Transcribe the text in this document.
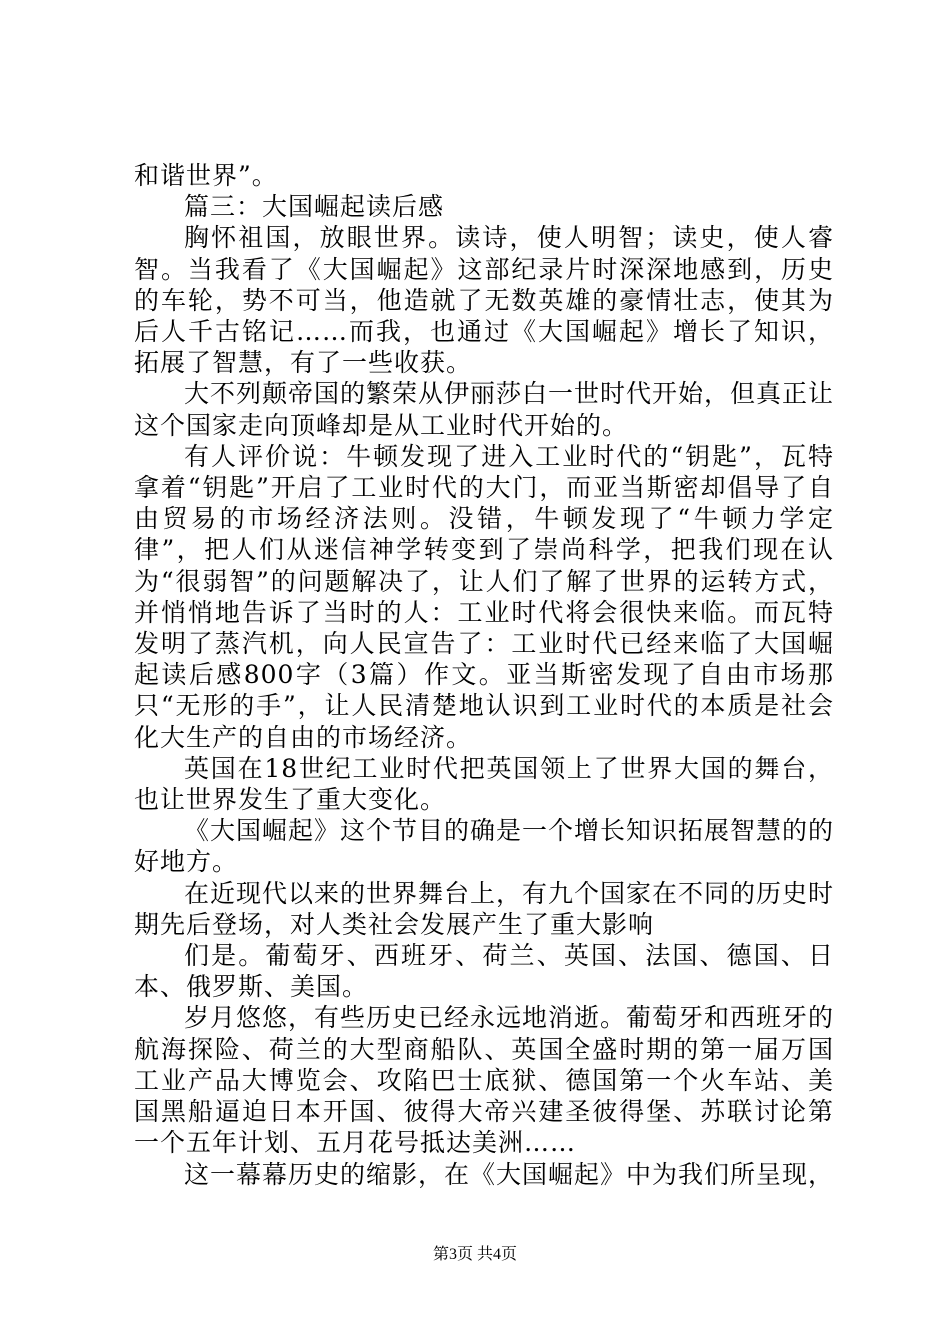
和谐世界”。

篇三：大国崛起读后感

胸怀祖国，放眼世界。读诗，使人明智；读史，使人睿智。当我看了《大国崛起》这部纪录片时深深地感到，历史的车轮，势不可当，他造就了无数英雄的豪情壮志，使其为后人千古铭记……而我，也通过《大国崛起》增长了知识，拓展了智慧，有了一些收获。

大不列颠帝国的繁荣从伊丽莎白一世时代开始，但真正让这个国家走向顶峰却是从工业时代开始的。

有人评价说：牛顿发现了进入工业时代的“钥匙”，瓦特拿着“钥匙”开启了工业时代的大门，而亚当斯密却倡导了自由贸易的市场经济法则。没错，牛顿发现了“牛顿力学定律”，把人们从迷信神学转变到了崇尚科学，把我们现在认为“很弱智”的问题解决了，让人们了解了世界的运转方式，并悄悄地告诉了当时的人：工业时代将会很快来临。而瓦特发明了蒸汽机，向人民宣告了：工业时代已经来临了大国崛起读后感800字（3篇）作文。亚当斯密发现了自由市场那只“无形的手”，让人民清楚地认识到工业时代的本质是社会化大生产的自由的市场经济。

英国在18世纪工业时代把英国领上了世界大国的舞台，也让世界发生了重大变化。

《大国崛起》这个节目的确是一个增长知识拓展智慧的的好地方。

在近现代以来的世界舞台上，有九个国家在不同的历史时期先后登场，对人类社会发展产生了重大影响

们是。葡萄牙、西班牙、荷兰、英国、法国、德国、日本、俄罗斯、美国。

岁月悠悠，有些历史已经永远地消逝。葡萄牙和西班牙的航海探险、荷兰的大型商船队、英国全盛时期的第一届万国工业产品大博览会、攻陷巴士底狱、德国第一个火车站、美国黑船逼迫日本开国、彼得大帝兴建圣彼得堡、苏联讨论第一个五年计划、五月花号抵达美洲……

这一幕幕历史的缩影，在《大国崛起》中为我们所呈现，

第3页 共4页
